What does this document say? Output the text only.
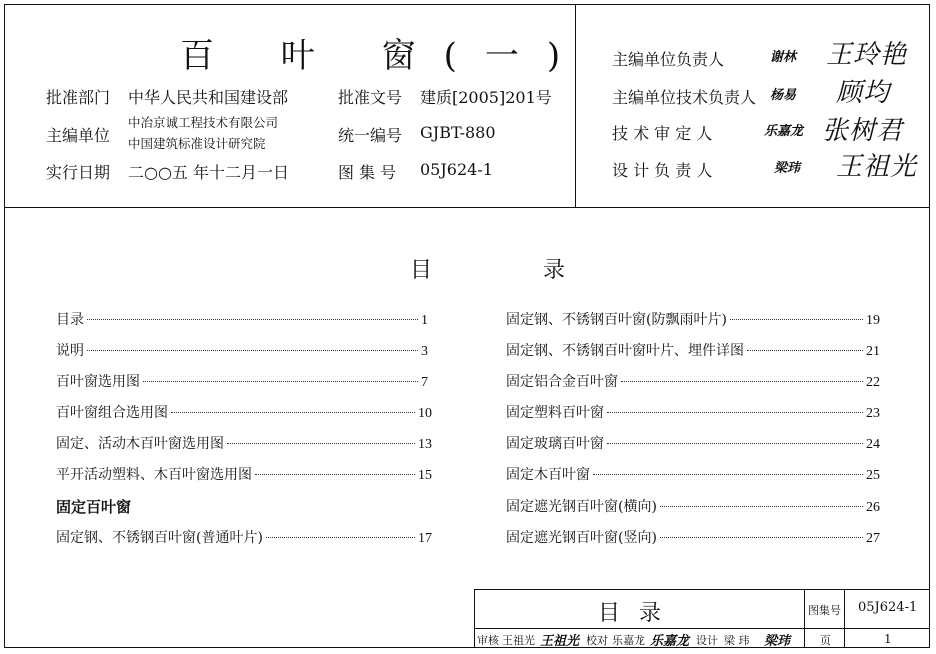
百 叶 窗(一)
批准部门 中华人民共和国建设部
主编单位
中冶京诚工程技术有限公司
中国建筑标准设计研究院
实行日期 二○○五 年十二月一日
批准文号 建质[2005]201号
统一编号 GJBT-880
图 集 号 05J624-1
主编单位负责人	谢林 王玲艳
主编单位技术负责人 杨易 顾均
技 术 审 定 人	乐嘉龙 张树君
设 计 负 责 人	梁玮 王祖光
目 录
目录	1
说明	3
百叶窗选用图	7
百叶窗组合选用图	10
固定、活动木百叶窗选用图	13
平开活动塑料、木百叶窗选用图	15
固定百叶窗
固定钢、不锈钢百叶窗(普通叶片)	17
固定钢、不锈钢百叶窗(防飘雨叶片)	19
固定钢、不锈钢百叶窗叶片、埋件详图	21
固定铝合金百叶窗	22
固定塑料百叶窗	23
固定玻璃百叶窗	24
固定木百叶窗	25
固定遮光钢百叶窗(横向)	26
固定遮光钢百叶窗(竖向)	27
目 录	图集号 05J624-1
审核 王祖光 王祖光 校对 乐嘉龙 乐嘉龙 设计 梁 玮 梁玮	页	1
